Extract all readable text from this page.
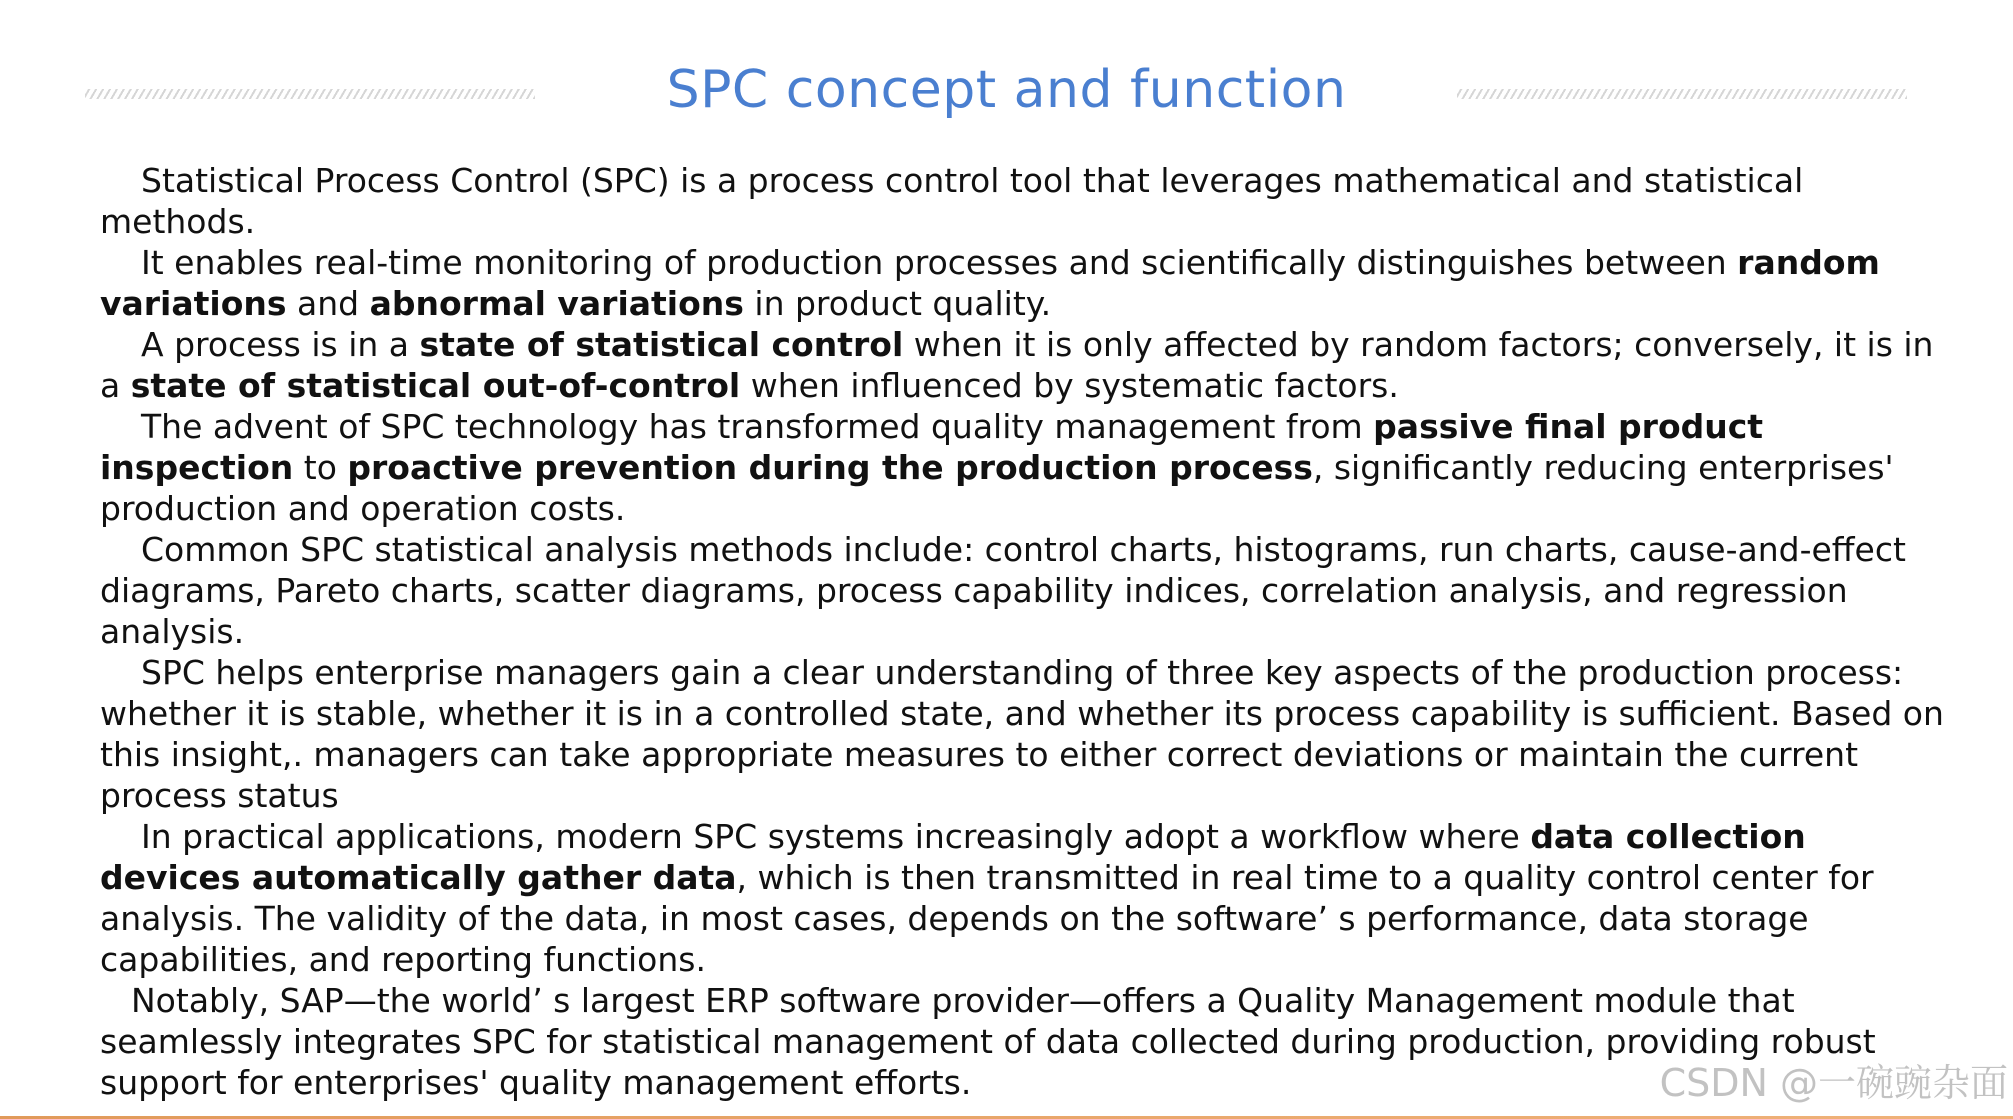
SPC concept and function

Statistical Process Control (SPC) is a process control tool that leverages mathematical and statistical methods.

It enables real-time monitoring of production processes and scientifically distinguishes between random variations and abnormal variations in product quality.

A process is in a state of statistical control when it is only affected by random factors; conversely, it is in a state of statistical out-of-control when influenced by systematic factors.

The advent of SPC technology has transformed quality management from passive final product inspection to proactive prevention during the production process, significantly reducing enterprises' production and operation costs.

Common SPC statistical analysis methods include: control charts, histograms, run charts, cause-and-effect diagrams, Pareto charts, scatter diagrams, process capability indices, correlation analysis, and regression analysis.

SPC helps enterprise managers gain a clear understanding of three key aspects of the production process: whether it is stable, whether it is in a controlled state, and whether its process capability is sufficient. Based on this insight,. managers can take appropriate measures to either correct deviations or maintain the current process status

In practical applications, modern SPC systems increasingly adopt a workflow where data collection devices automatically gather data, which is then transmitted in real time to a quality control center for analysis. The validity of the data, in most cases, depends on the software’ s performance, data storage capabilities, and reporting functions.

Notably, SAP—the world’ s largest ERP software provider—offers a Quality Management module that seamlessly integrates SPC for statistical management of data collected during production, providing robust support for enterprises' quality management efforts.	CSDN @一碗豌杂面
